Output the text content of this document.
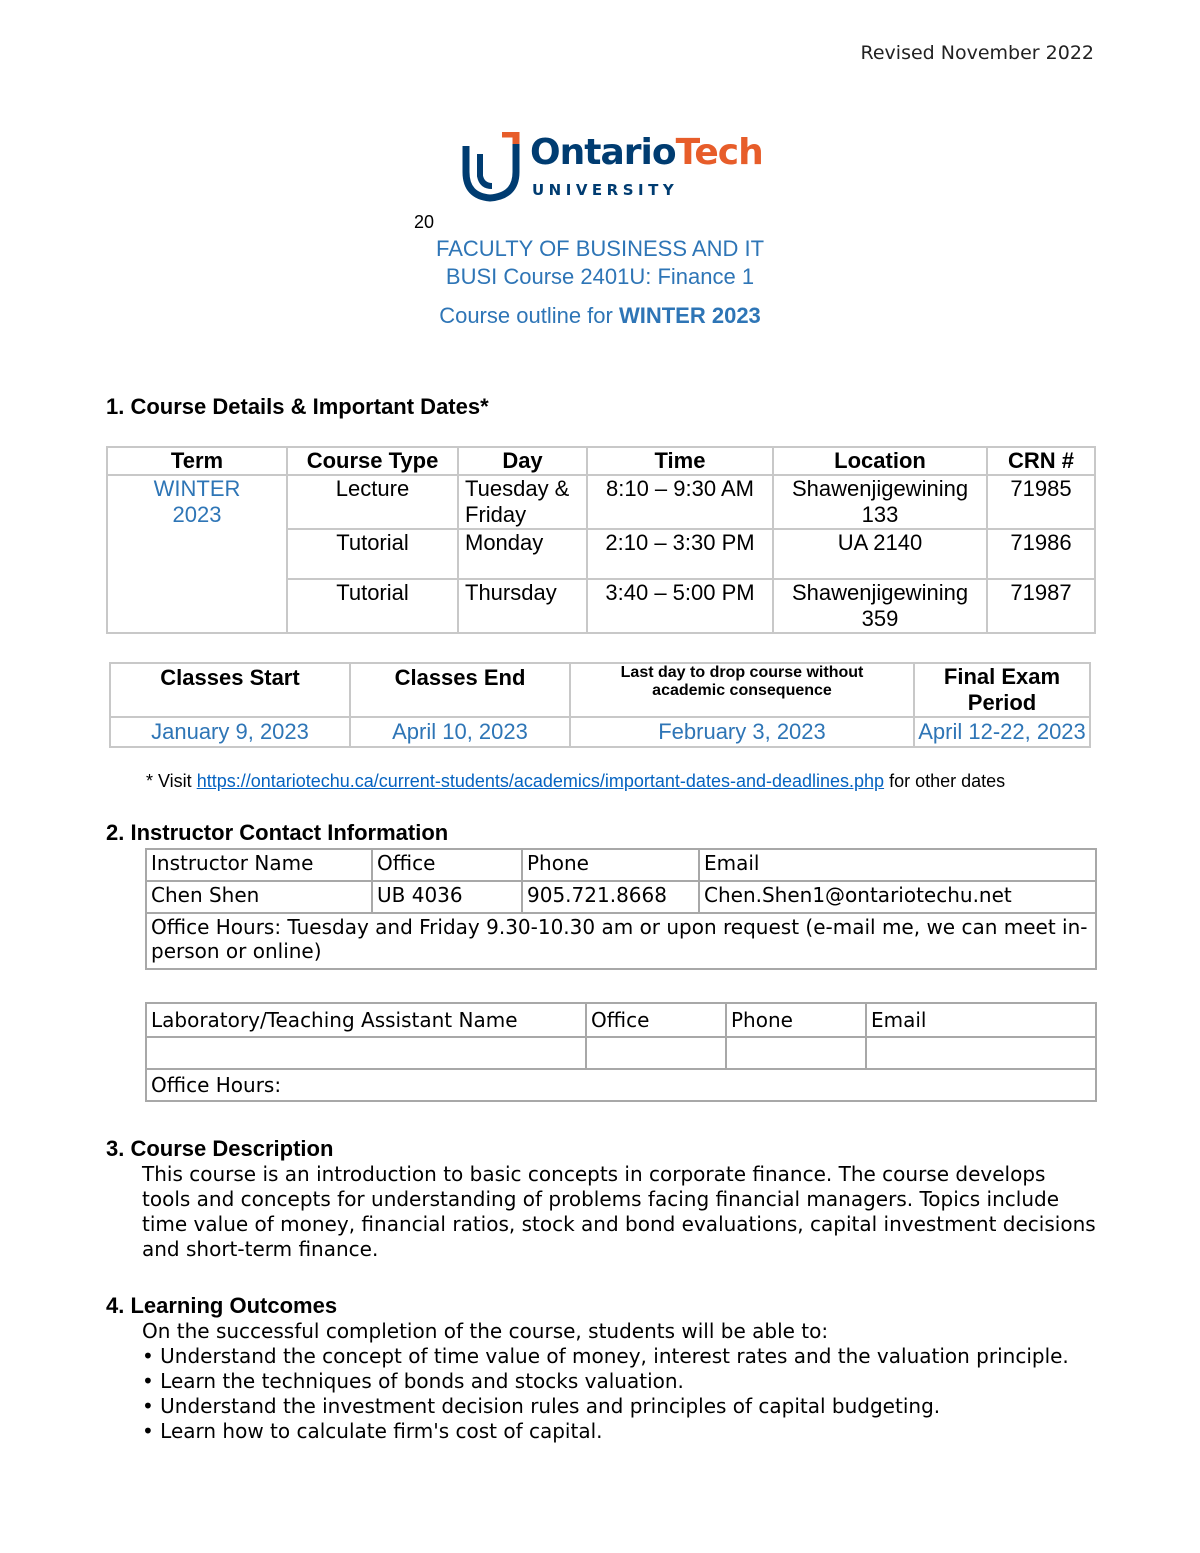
Revised November 2022
OntarioTech
UNIVERSITY
20
FACULTY OF BUSINESS AND IT
BUSI Course 2401U: Finance 1
Course outline for WINTER 2023
1. Course Details & Important Dates*
Term	Course Type	Day	Time	Location	CRN #
WINTER 2023	Lecture	Tuesday & Friday	8:10 – 9:30 AM	Shawenjigewining 133	71985
	Tutorial	Monday	2:10 – 3:30 PM	UA 2140	71986
	Tutorial	Thursday	3:40 – 5:00 PM	Shawenjigewining 359	71987
Classes Start	Classes End	Last day to drop course without academic consequence	Final Exam Period
January 9, 2023	April 10, 2023	February 3, 2023	April 12-22, 2023
* Visit https://ontariotechu.ca/current-students/academics/important-dates-and-deadlines.php for other dates
2. Instructor Contact Information
Instructor Name	Office	Phone	Email
Chen Shen	UB 4036	905.721.8668	Chen.Shen1@ontariotechu.net
Office Hours: Tuesday and Friday 9.30-10.30 am or upon request (e-mail me, we can meet in-person or online)			
Laboratory/Teaching Assistant Name	Office	Phone	Email

Office Hours:			
3. Course Description
This course is an introduction to basic concepts in corporate finance. The course develops tools and concepts for understanding of problems facing financial managers. Topics include time value of money, financial ratios, stock and bond evaluations, capital investment decisions and short-term finance.
4. Learning Outcomes
On the successful completion of the course, students will be able to:
• Understand the concept of time value of money, interest rates and the valuation principle.
• Learn the techniques of bonds and stocks valuation.
• Understand the investment decision rules and principles of capital budgeting.
• Learn how to calculate firm's cost of capital.
